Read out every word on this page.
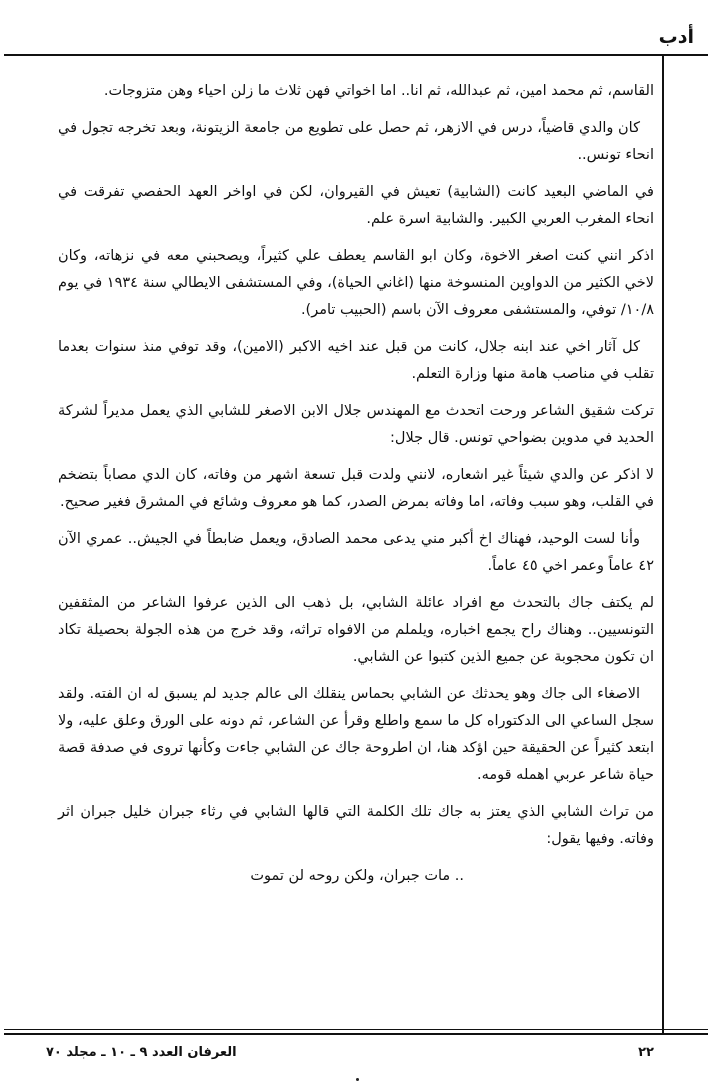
أدب

القاسم، ثم محمد امين، ثم عبدالله، ثم انا.. اما اخواتي فهن ثلاث ما زلن احياء وهن متزوجات.

كان والدي قاضياً، درس في الازهر، ثم حصل على تطويع من جامعة الزيتونة، وبعد تخرجه تجول في انحاء تونس..

في الماضي البعيد كانت (الشابية) تعيش في القيروان، لكن في اواخر العهد الحفصي تفرقت في انحاء المغرب العربي الكبير. والشابية اسرة علم.

اذكر انني كنت اصغر الاخوة، وكان ابو القاسم يعطف علي كثيراً، ويصحبني معه في نزهاته، وكان لاخي الكثير من الدواوين المنسوخة منها (اغاني الحياة)، وفي المستشفى الايطالي سنة ١٩٣٤ في يوم ١٠/٨/ توفي، والمستشفى معروف الآن باسم (الحبيب تامر).

كل آثار اخي عند ابنه جلال، كانت من قبل عند اخيه الاكبر (الامين)، وقد توفي منذ سنوات بعدما تقلب في مناصب هامة منها وزارة التعلم.

تركت شقيق الشاعر ورحت اتحدث مع المهندس جلال الابن الاصغر للشابي الذي يعمل مديراً لشركة الحديد في مدوين بضواحي تونس. قال جلال:

لا اذكر عن والدي شيئاً غير اشعاره، لانني ولدت قبل تسعة اشهر من وفاته، كان الدي مصاباً بتضخم في القلب، وهو سبب وفاته، اما وفاته بمرض الصدر، كما هو معروف وشائع في المشرق فغير صحيح.

وأنا لست الوحيد، فهناك اخ أكبر مني يدعى محمد الصادق، ويعمل ضابطاً في الجيش.. عمري الآن ٤٢ عاماً وعمر اخي ٤٥ عاماً.

لم يكتف جاك بالتحدث مع افراد عائلة الشابي، بل ذهب الى الذين عرفوا الشاعر من المثقفين التونسيين.. وهناك راح يجمع اخباره، ويلملم من الافواه تراثه، وقد خرج من هذه الجولة بحصيلة تكاد ان تكون محجوبة عن جميع الذين كتبوا عن الشابي.

الاصغاء الى جاك وهو يحدثك عن الشابي بحماس ينقلك الى عالم جديد لم يسبق له ان الفته. ولقد سجل الساعي الى الدكتوراه كل ما سمع واطلع وقرأ عن الشاعر، ثم دونه على الورق وعلق عليه، ولا ابتعد كثيراً عن الحقيقة حين اؤكد هنا، ان اطروحة جاك عن الشابي جاءت وكأنها تروى في صدفة قصة حياة شاعر عربي اهمله قومه.

من تراث الشابي الذي يعتز به جاك تلك الكلمة التي قالها الشابي في رثاء جبران خليل جبران اثر وفاته. وفيها يقول:

.. مات جبران، ولكن روحه لن تموت

٢٢
العرفان العدد ٩ ـ ١٠ ـ مجلد ٧٠
